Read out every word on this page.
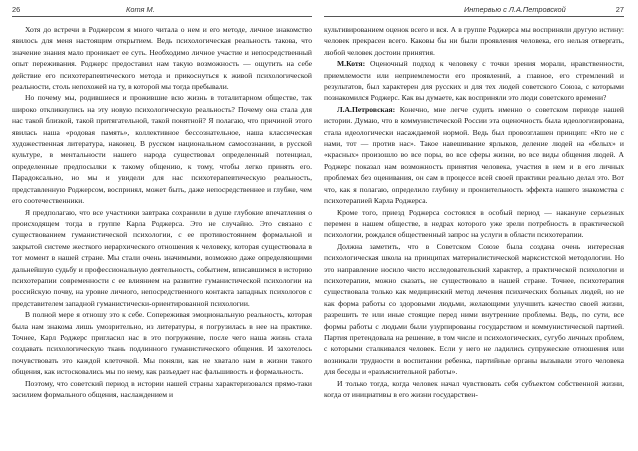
26	Котя М.

Хотя до встречи в Роджерсом я много читала о нем и его методе, личное знакомство явилось для меня настоящим открытием. Ведь психологическая реальность такова, что значение знания мало проникает ее суть. Необходимо личное участие и непосредственный опыт переживания. Роджерс предоставил нам такую возможность — ощутить на себе действие его психотерапевтического метода и прикоснуться к живой психологической реальности, столь непохожей на ту, в которой мы тогда пребывали.

Но почему мы, родившиеся и прожившие всю жизнь в тоталитарном обществе, так широко откликнулись на эту новую психологическую реальность? Почему она стала для нас такой близкой, такой притягательной, такой понятной? Я полагаю, что причиной этого явилась наша «родовая память», коллективное бессознательное, наша классическая художественная литература, наконец. В русском национальном самосознании, в русской культуре, в ментальности нашего народа существовал определенный потенциал, определенные предпосылки к такому общению, к тому, чтобы легко принять его. Парадоксально, но мы и увидели для нас психотерапевтическую реальность, представленную Роджерсом, воспринял, может быть, даже непосредственнее и глубже, чем его соотечественники.

Я предполагаю, что все участники завтрака сохранили в душе глубокие впечатления о происходящем тогда в группе Карла Роджерса. Это не случайно. Это связано с существованием гуманистической психологии, с ее противостоянием формальной и закрытой системе жесткого иерархического отношения к человеку, которая существовала в тот момент в нашей стране. Мы стали очень значимыми, возможно даже определяющими дальнейшую судьбу и профессиональную деятельность, событием, вписавшимся в историю психотерапии современности с ее влиянием на развитие гуманистической психологии на российскую почву, на уровне личного, непосредственного контакта западных психологов с представителем западной гуманистически-ориентированной психологии.

В полной мере я отношу это к себе. Сопереживая эмоциональную реальность, которая была нам знакома лишь умозрительно, из литературы, я погрузилась в нее на практике. Точнее, Карл Роджерс пригласил нас в это погружение, после чего наша жизнь стала создавать психологическую ткань подлинного гуманистического общения. И захотелось почувствовать это каждой клеточкой. Мы поняли, как не хватало нам в жизни такого общения, как истосковались мы по нему, как разъедает нас фальшивость и формальность.

Поэтому, что советский период в истории нашей страны характеризовался прямо-таки засилием формального общения, наслаждением и

Интервью с Л.А.Петровской	27

культивированием оценок всего и вся. А в группе Роджерса мы восприняли другую истину: человек прекрасен всего. Каковы бы ни были проявления человека, его нельзя отвергать, любой человек достоин принятия.

М.Котя: Оценочный подход к человеку с точки зрения морали, нравственности, приемлемости или неприемлемости его проявлений, а главное, его стремлений и результатов, был характерен для русских и для тех людей советского Союза, с которыми познакомился Роджерс. Как вы думаете, как восприняли это люди советского времени?

Л.А.Петровская: Конечно, мне легче судить именно о советском периоде нашей истории. Думаю, что в коммунистической России эта оценочность была идеологизирована, стала идеологически насаждаемой нормой. Ведь был провозглашен принцип: «Кто не с нами, тот — против нас». Такое навешивание ярлыков, деление людей на «белых» и «красных» произошло во все поры, во все сферы жизни, во все виды общения людей. А Роджерс показал нам возможность принятия человека, участия в нем и в его личных проблемах без оценивания, он сам в процессе всей своей практики реально делал это. Вот что, как я полагаю, определило глубину и пронзительность эффекта нашего знакомства с психотерапией Карла Роджерса.

Кроме того, приезд Роджерса состоялся в особый период — накануне серьезных перемен в нашем обществе, в недрах которого уже зрели потребность в практической психологии, рождался общественный запрос на услуги в области психотерапии.

Должна заметить, что в Советском Союзе была создана очень интересная психологическая школа на принципах материалистической марксистской методологии. Но это направление носило чисто исследовательский характер, а практической психологии и психотерапии, можно сказать, не существовало в нашей стране. Точнее, психотерапия существовала только как медицинский метод лечения психических больных людей, но не как форма работы со здоровыми людьми, желающими улучшить качество своей жизни, разрешить те или иные стоящие перед ними внутренние проблемы. Ведь, по сути, все формы работы с людьми были узурпированы государством и коммунистической партией. Партия претендовала на решение, в том числе и психологических, сугубо личных проблем, с которыми сталкивался человек. Если у него не ладились супружеские отношения или возникали трудности в воспитании ребенка, партийные органы вызывали этого человека для беседы и «разъяснительной работы».

И только тогда, когда человек начал чувствовать себя субъектом собственной жизни, когда от инициативы в его жизни государствен-
